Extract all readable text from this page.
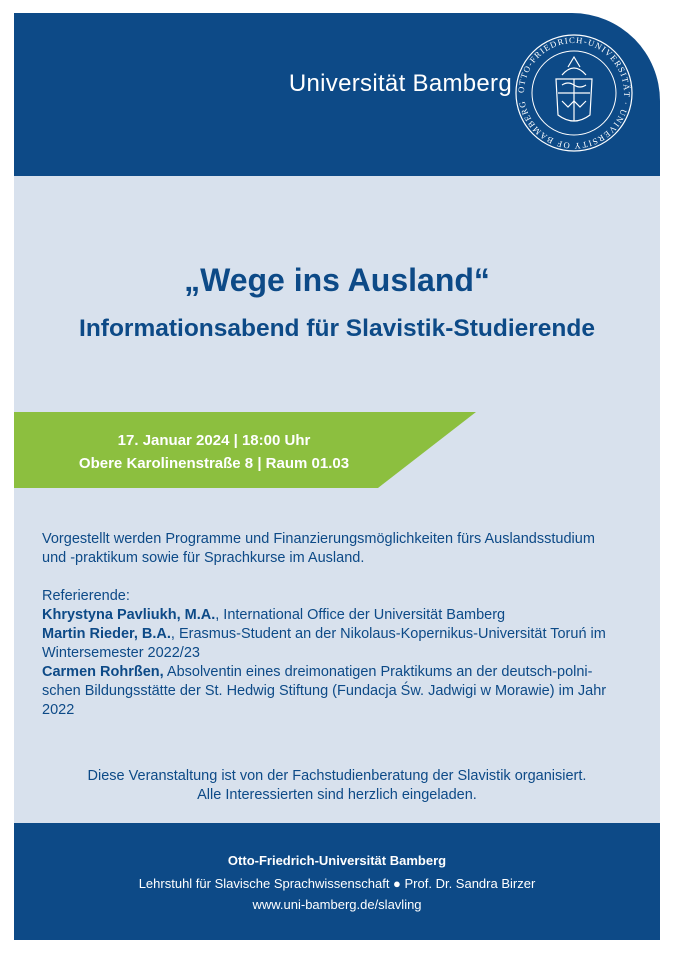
Universität Bamberg OTTO-FRIEDRICH-UNIVERSITÄT · UNIVERSITY OF BAMBERG
„Wege ins Ausland“
Informationsabend für Slavistik-Studierende
17. Januar 2024 | 18:00 Uhr
Obere Karolinenstraße 8 | Raum 01.03

Vorgestellt werden Programme und Finanzierungsmöglichkeiten fürs Auslandsstudium

und -praktikum sowie für Sprachkurse im Ausland.

Referierende:

Khrystyna Pavliukh, M.A., International Office der Universität Bamberg

Martin Rieder, B.A., Erasmus-Student an der Nikolaus-Kopernikus-Universität Toruń im

Wintersemester 2022/23

Carmen Rohrßen, Absolventin eines dreimonatigen Praktikums an der deutsch-polni-

schen Bildungsstätte der St. Hedwig Stiftung (Fundacja Św. Jadwigi w Morawie) im Jahr

2022

Diese Veranstaltung ist von der Fachstudienberatung der Slavistik organisiert.
Alle Interessierten sind herzlich eingeladen.
Otto-Friedrich-Universität Bamberg
Lehrstuhl für Slavische Sprachwissenschaft ● Prof. Dr. Sandra Birzer
www.uni-bamberg.de/slavling
